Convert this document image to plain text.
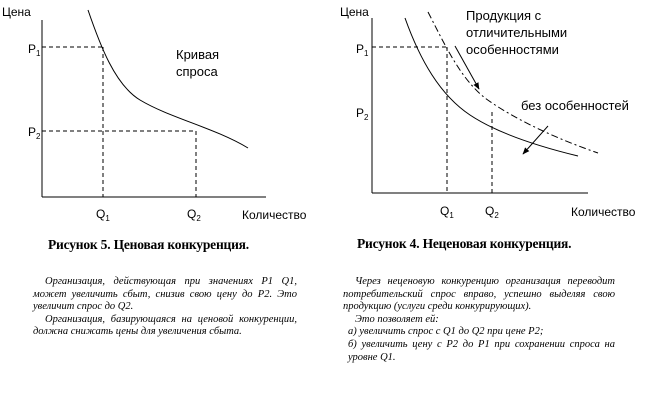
Цена
Количество
$P_1$
$P_2$
$Q_1$	$Q_2$
Кривая
спроса
Цена
Количество
$P_1$
$P_2$
$Q_1$	$Q_2$
Продукция с
отличительными
особенностями
без особенностей
Рисунок 5. Ценовая конкуренция.	Рисунок 4. Неценовая конкуренция.

Организация, действующая при значениях P1 Q1, может увеличить сбыт, снизив свою цену до P2. Это увеличит спрос до Q2.

Организация, базирующаяся на ценовой конкуренции, должна снижать цены для увеличения сбыта.

Через неценовую конкуренцию организация переводит потребительский спрос вправо, успешно выделяя свою продукцию (услуги среди конкурирующих).

Это позволяет ей:

а) увеличить спрос с Q1 до Q2 при цене P2;

б) увеличить цену с P2 до P1 при сохранении спроса на уровне Q1.
